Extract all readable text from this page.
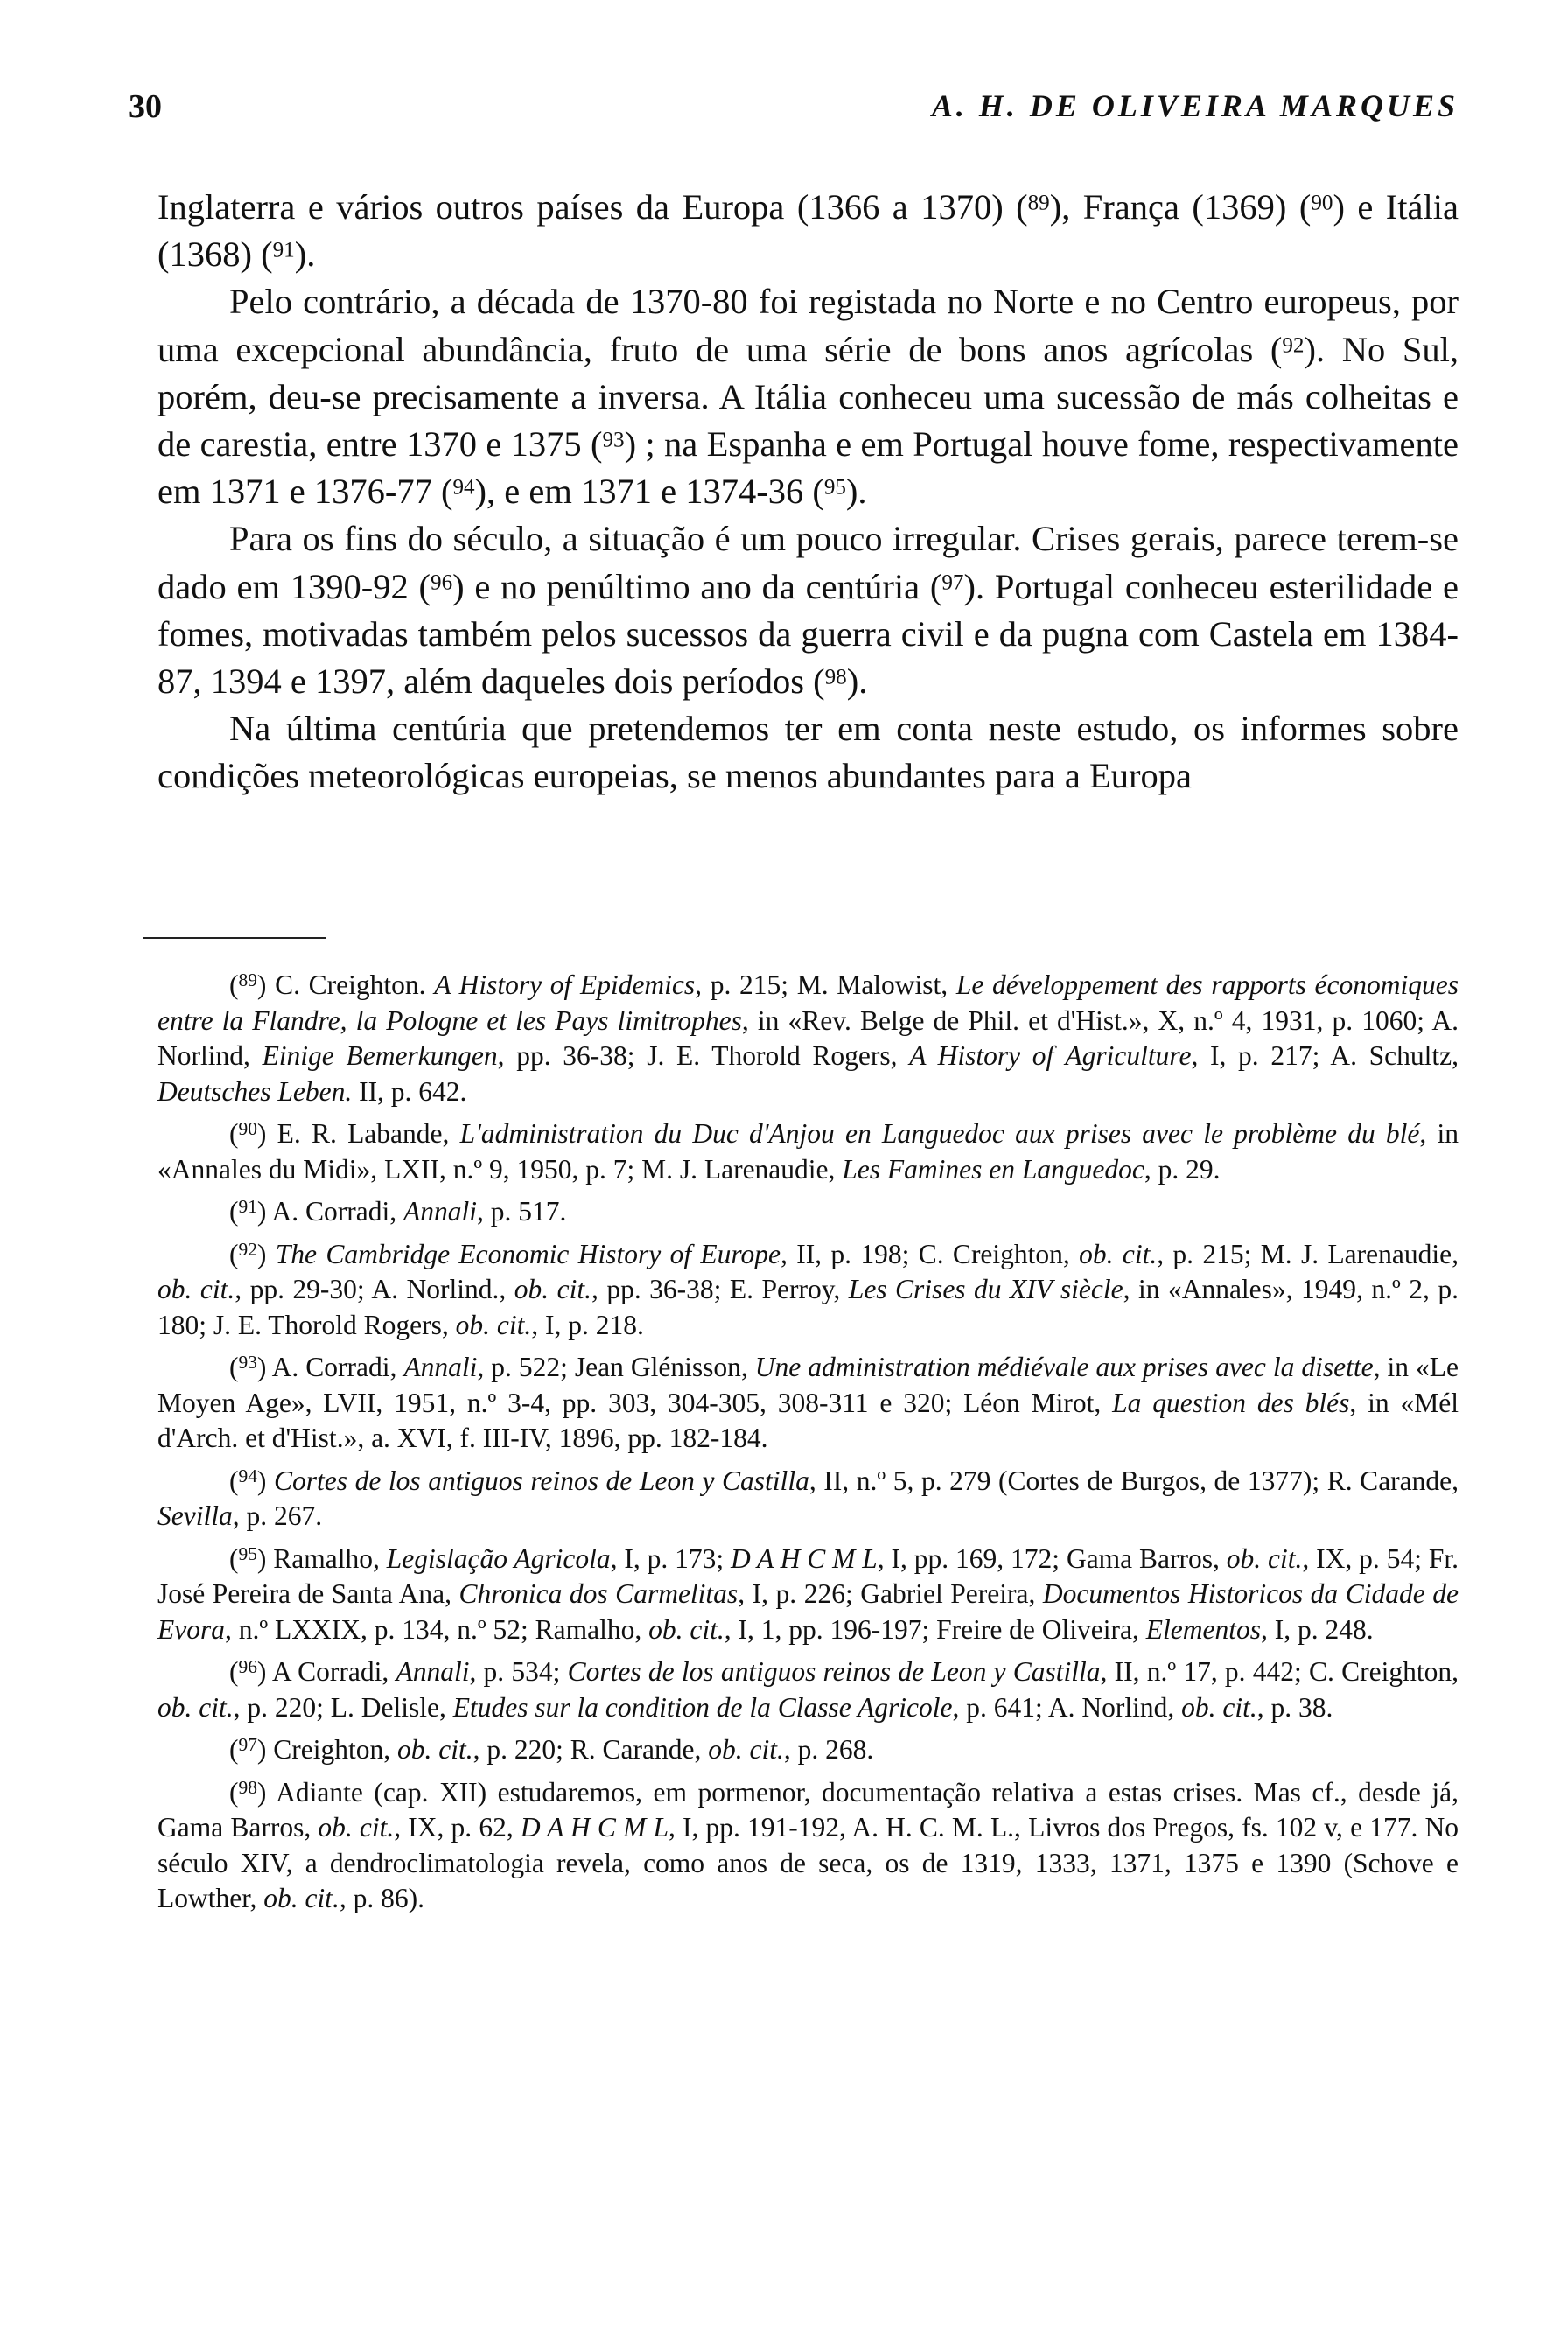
30	A. H. DE OLIVEIRA MARQUES

Inglaterra e vários outros países da Europa (1366 a 1370) ($^{89}$), França (1369) ($^{90}$) e Itália (1368) ($^{91}$).

Pelo contrário, a década de 1370-80 foi registada no Norte e no Centro europeus, por uma excepcional abundância, fruto de uma série de bons anos agrícolas ($^{92}$). No Sul, porém, deu-se precisamente a inversa. A Itália conheceu uma sucessão de más colheitas e de carestia, entre 1370 e 1375 ($^{93}$) ; na Espanha e em Portugal houve fome, respectivamente em 1371 e 1376-77 ($^{94}$), e em 1371 e 1374-36 ($^{95}$).

Para os fins do século, a situação é um pouco irregular. Crises gerais, parece terem-se dado em 1390-92 ($^{96}$) e no penúltimo ano da centúria ($^{97}$). Portugal conheceu esterilidade e fomes, motivadas também pelos sucessos da guerra civil e da pugna com Castela em 1384-87, 1394 e 1397, além daqueles dois períodos ($^{98}$).

Na última centúria que pretendemos ter em conta neste estudo, os informes sobre condições meteorológicas europeias, se menos abundantes para a Europa

($^{89}$) C. Creighton. A History of Epidemics, p. 215; M. Malowist, Le développement des rapports économiques entre la Flandre, la Pologne et les Pays limitrophes, in «Rev. Belge de Phil. et d'Hist.», X, n.º 4, 1931, p. 1060; A. Norlind, Einige Bemerkungen, pp. 36-38; J. E. Thorold Rogers, A History of Agriculture, I, p. 217; A. Schultz, Deutsches Leben. II, p. 642.

($^{90}$) E. R. Labande, L'administration du Duc d'Anjou en Languedoc aux prises avec le problème du blé, in «Annales du Midi», LXII, n.º 9, 1950, p. 7; M. J. Larenaudie, Les Famines en Languedoc, p. 29.

($^{91}$) A. Corradi, Annali, p. 517.

($^{92}$) The Cambridge Economic History of Europe, II, p. 198; C. Creighton, ob. cit., p. 215; M. J. Larenaudie, ob. cit., pp. 29-30; A. Norlind., ob. cit., pp. 36-38; E. Perroy, Les Crises du XIV siècle, in «Annales», 1949, n.º 2, p. 180; J. E. Thorold Rogers, ob. cit., I, p. 218.

($^{93}$) A. Corradi, Annali, p. 522; Jean Glénisson, Une administration médiévale aux prises avec la disette, in «Le Moyen Age», LVII, 1951, n.º 3-4, pp. 303, 304-305, 308-311 e 320; Léon Mirot, La question des blés, in «Mél d'Arch. et d'Hist.», a. XVI, f. III-IV, 1896, pp. 182-184.

($^{94}$) Cortes de los antiguos reinos de Leon y Castilla, II, n.º 5, p. 279 (Cortes de Burgos, de 1377); R. Carande, Sevilla, p. 267.

($^{95}$) Ramalho, Legislação Agricola, I, p. 173; D A H C M L, I, pp. 169, 172; Gama Barros, ob. cit., IX, p. 54; Fr. José Pereira de Santa Ana, Chronica dos Carmelitas, I, p. 226; Gabriel Pereira, Documentos Historicos da Cidade de Evora, n.º LXXIX, p. 134, n.º 52; Ramalho, ob. cit., I, 1, pp. 196-197; Freire de Oliveira, Elementos, I, p. 248.

($^{96}$) A Corradi, Annali, p. 534; Cortes de los antiguos reinos de Leon y Castilla, II, n.º 17, p. 442; C. Creighton, ob. cit., p. 220; L. Delisle, Etudes sur la condition de la Classe Agricole, p. 641; A. Norlind, ob. cit., p. 38.

($^{97}$) Creighton, ob. cit., p. 220; R. Carande, ob. cit., p. 268.

($^{98}$) Adiante (cap. XII) estudaremos, em pormenor, documentação relativa a estas crises. Mas cf., desde já, Gama Barros, ob. cit., IX, p. 62, D A H C M L, I, pp. 191-192, A. H. C. M. L., Livros dos Pregos, fs. 102 v, e 177. No século XIV, a dendroclimatologia revela, como anos de seca, os de 1319, 1333, 1371, 1375 e 1390 (Schove e Lowther, ob. cit., p. 86).
